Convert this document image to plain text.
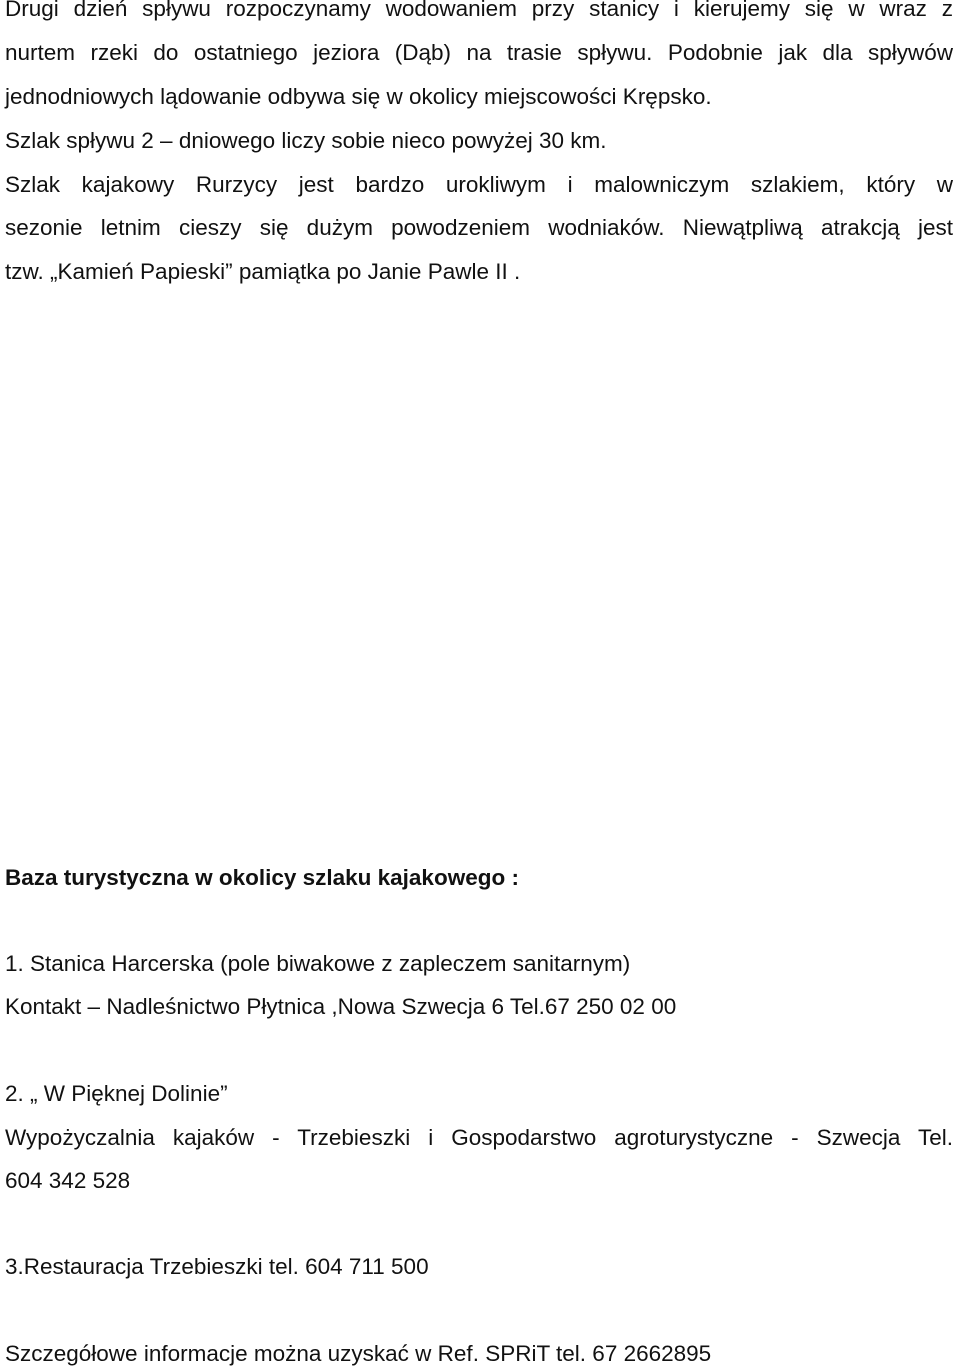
Drugi dzień spływu rozpoczynamy wodowaniem przy stanicy i kierujemy się w wraz z
nurtem rzeki do ostatniego jeziora (Dąb) na trasie spływu. Podobnie jak dla spływów
jednodniowych lądowanie odbywa się w okolicy miejscowości Krępsko.
Szlak spływu 2 – dniowego liczy sobie nieco powyżej 30 km.
Szlak kajakowy Rurzycy jest bardzo urokliwym i malowniczym szlakiem, który w
sezonie letnim cieszy się dużym powodzeniem wodniaków. Niewątpliwą atrakcją jest
tzw. „Kamień Papieski” pamiątka po Janie Pawle II .
Baza turystyczna w okolicy szlaku kajakowego :
1. Stanica Harcerska (pole biwakowe z zapleczem sanitarnym)
Kontakt – Nadleśnictwo Płytnica ,Nowa Szwecja 6 Tel.67 250 02 00
2. „ W Pięknej Dolinie”
Wypożyczalnia kajaków - Trzebieszki i Gospodarstwo agroturystyczne - Szwecja Tel.
604 342 528
3.Restauracja Trzebieszki tel. 604 711 500
Szczegółowe informacje można uzyskać w Ref. SPRiT tel. 67 2662895
